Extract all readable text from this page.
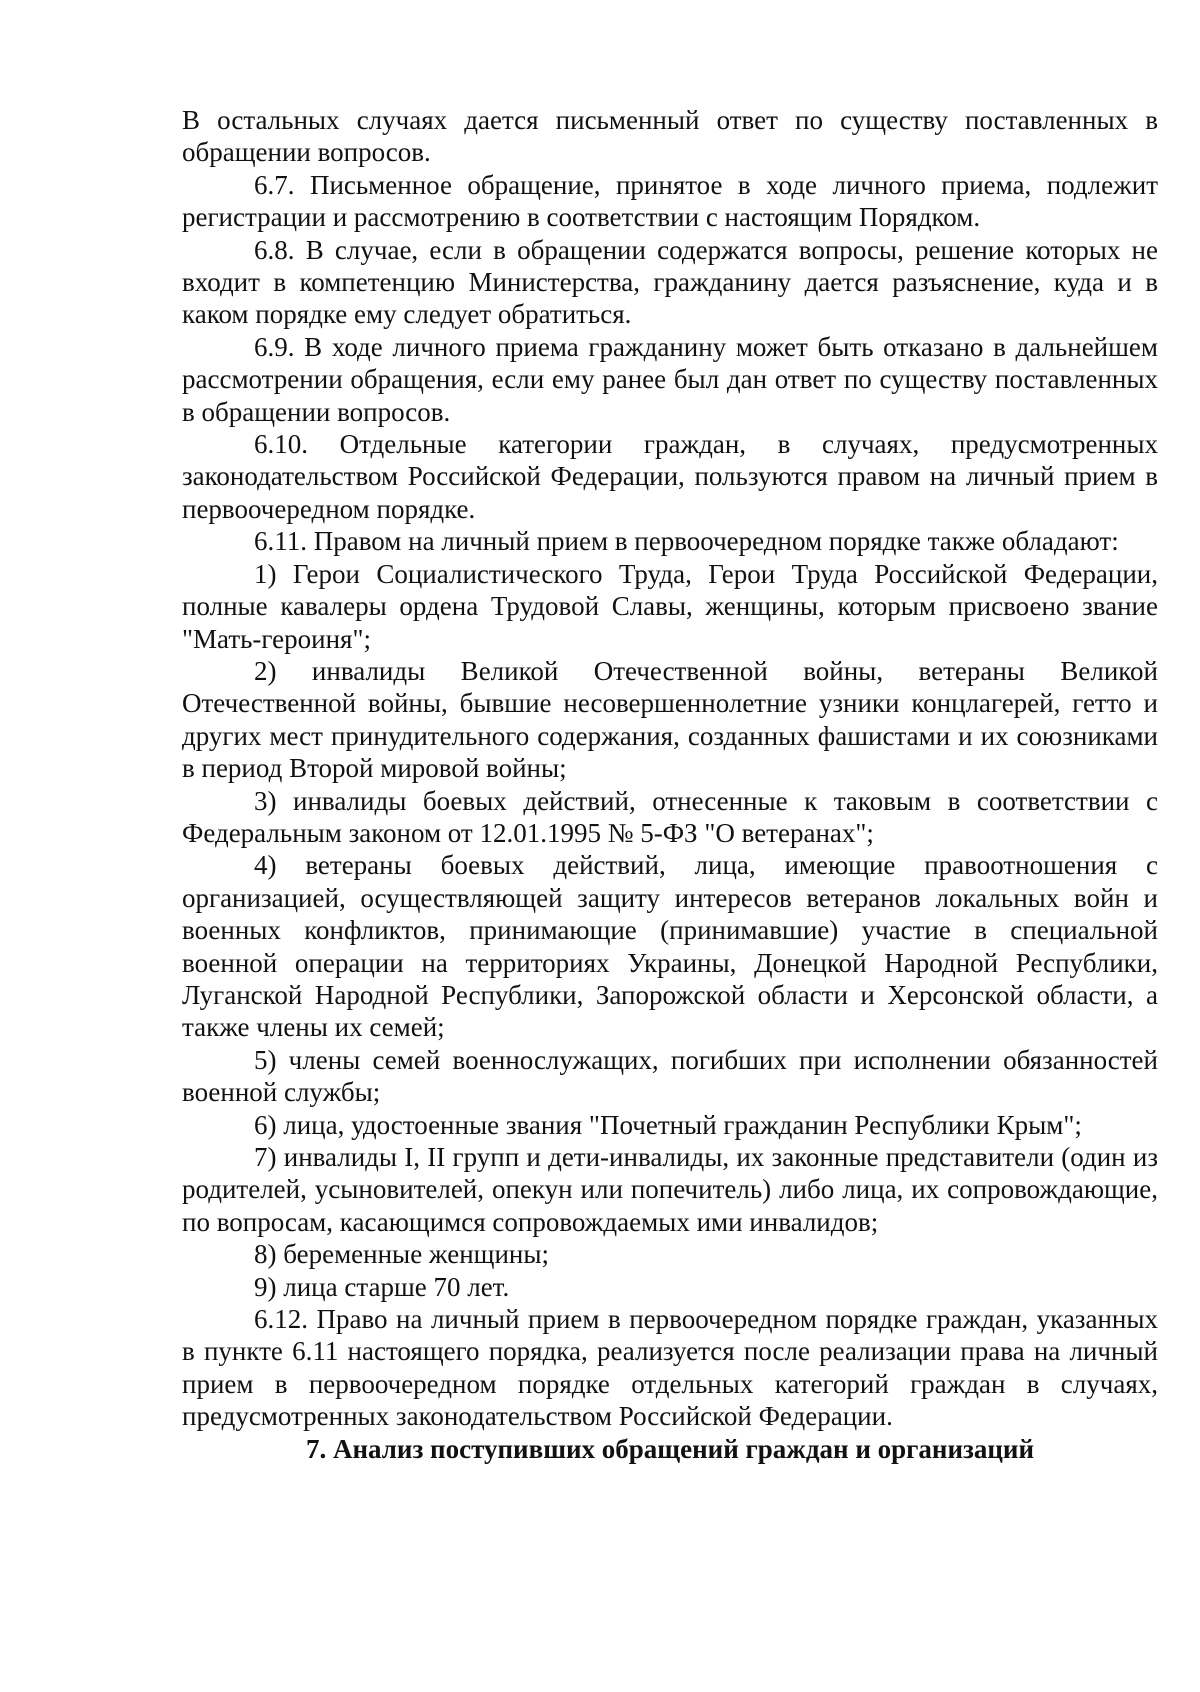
В остальных случаях дается письменный ответ по существу поставленных в обращении вопросов.

6.7. Письменное обращение, принятое в ходе личного приема, подлежит регистрации и рассмотрению в соответствии с настоящим Порядком.

6.8. В случае, если в обращении содержатся вопросы, решение которых не входит в компетенцию Министерства, гражданину дается разъяснение, куда и в каком порядке ему следует обратиться.

6.9. В ходе личного приема гражданину может быть отказано в дальнейшем рассмотрении обращения, если ему ранее был дан ответ по существу поставленных в обращении вопросов.

6.10. Отдельные категории граждан, в случаях, предусмотренных законодательством Российской Федерации, пользуются правом на личный прием в первоочередном порядке.

6.11. Правом на личный прием в первоочередном порядке также обладают:

1) Герои Социалистического Труда, Герои Труда Российской Федерации, полные кавалеры ордена Трудовой Славы, женщины, которым присвоено звание "Мать-героиня";

2) инвалиды Великой Отечественной войны, ветераны Великой Отечественной войны, бывшие несовершеннолетние узники концлагерей, гетто и других мест принудительного содержания, созданных фашистами и их союзниками в период Второй мировой войны;

3) инвалиды боевых действий, отнесенные к таковым в соответствии с Федеральным законом от 12.01.1995 № 5-ФЗ "О ветеранах";

4) ветераны боевых действий, лица, имеющие правоотношения с организацией, осуществляющей защиту интересов ветеранов локальных войн и военных конфликтов, принимающие (принимавшие) участие в специальной военной операции на территориях Украины, Донецкой Народной Республики, Луганской Народной Республики, Запорожской области и Херсонской области, а также члены их семей;

5) члены семей военнослужащих, погибших при исполнении обязанностей военной службы;

6) лица, удостоенные звания "Почетный гражданин Республики Крым";

7) инвалиды I, II групп и дети-инвалиды, их законные представители (один из родителей, усыновителей, опекун или попечитель) либо лица, их сопровождающие, по вопросам, касающимся сопровождаемых ими инвалидов;

8) беременные женщины;

9) лица старше 70 лет.

6.12. Право на личный прием в первоочередном порядке граждан, указанных в пункте 6.11 настоящего порядка, реализуется после реализации права на личный прием в первоочередном порядке отдельных категорий граждан в случаях, предусмотренных законодательством Российской Федерации.

7. Анализ поступивших обращений граждан и организаций
